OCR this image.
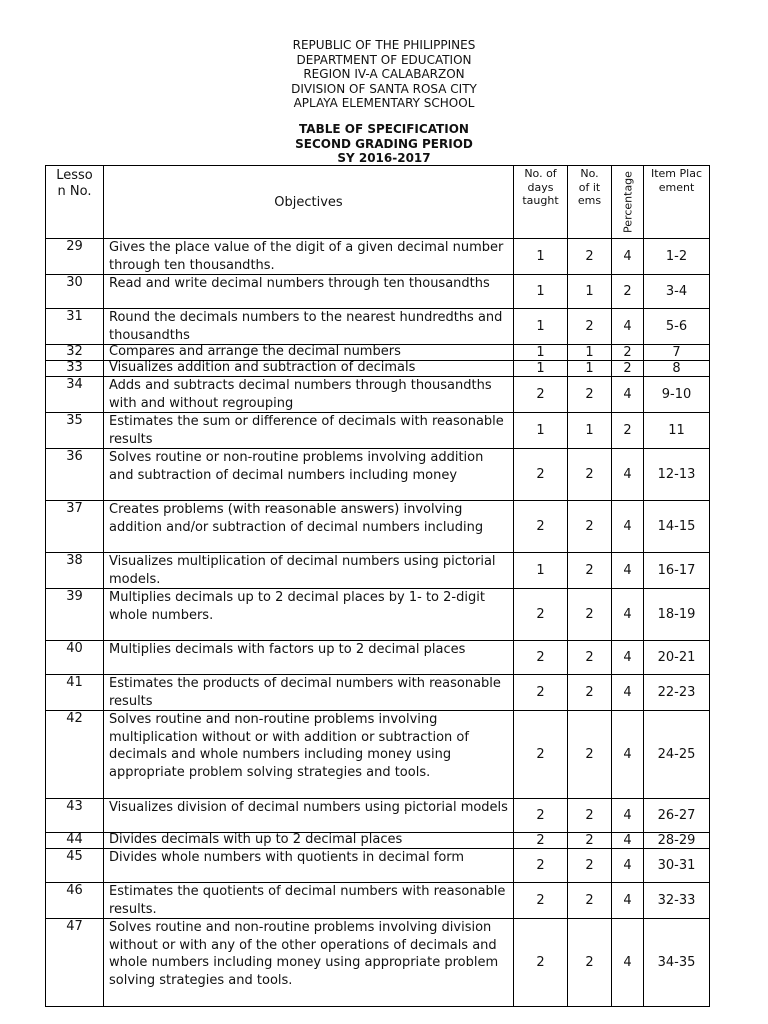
REPUBLIC OF THE PHILIPPINES
DEPARTMENT OF EDUCATION
REGION IV-A CALABARZON
DIVISION OF SANTA ROSA CITY
APLAYA ELEMENTARY SCHOOL
TABLE OF SPECIFICATION
SECOND GRADING PERIOD
SY 2016-2017
Lesson No.	Objectives	No. of days taught	No. of items	Percentage	Item Placement

29	Gives the place value of the digit of a given decimal number through ten thousandths.	1	2	4	1-2
30	Read and write decimal numbers through ten thousandths	1	1	2	3-4
31	Round the decimals numbers to the nearest hundredths and thousandths	1	2	4	5-6
32	Compares and arrange the decimal numbers	1	1	2	7
33	Visualizes addition and subtraction of decimals	1	1	2	8
34	Adds and subtracts decimal numbers through thousandths with and without regrouping	2	2	4	9-10
35	Estimates the sum or difference of decimals with reasonable results	1	1	2	11
36	Solves routine or non-routine problems involving addition and subtraction of decimal numbers including money	2	2	4	12-13
37	Creates problems (with reasonable answers) involving addition and/or subtraction of decimal numbers including	2	2	4	14-15
38	Visualizes multiplication of decimal numbers using pictorial models.	1	2	4	16-17
39	Multiplies decimals up to 2 decimal places by 1- to 2-digit whole numbers.	2	2	4	18-19
40	Multiplies decimals with factors up to 2 decimal places	2	2	4	20-21
41	Estimates the products of decimal numbers with reasonable results	2	2	4	22-23
42	Solves routine and non-routine problems involving multiplication without or with addition or subtraction of decimals and whole numbers including money using appropriate problem solving strategies and tools.	2	2	4	24-25
43	Visualizes division of decimal numbers using pictorial models	2	2	4	26-27
44	Divides decimals with up to 2 decimal places	2	2	4	28-29
45	Divides whole numbers with quotients in decimal form	2	2	4	30-31
46	Estimates the quotients of decimal numbers with reasonable results.	2	2	4	32-33
47	Solves routine and non-routine problems involving division without or with any of the other operations of decimals and whole numbers including money using appropriate problem solving strategies and tools.	2	2	4	34-35
